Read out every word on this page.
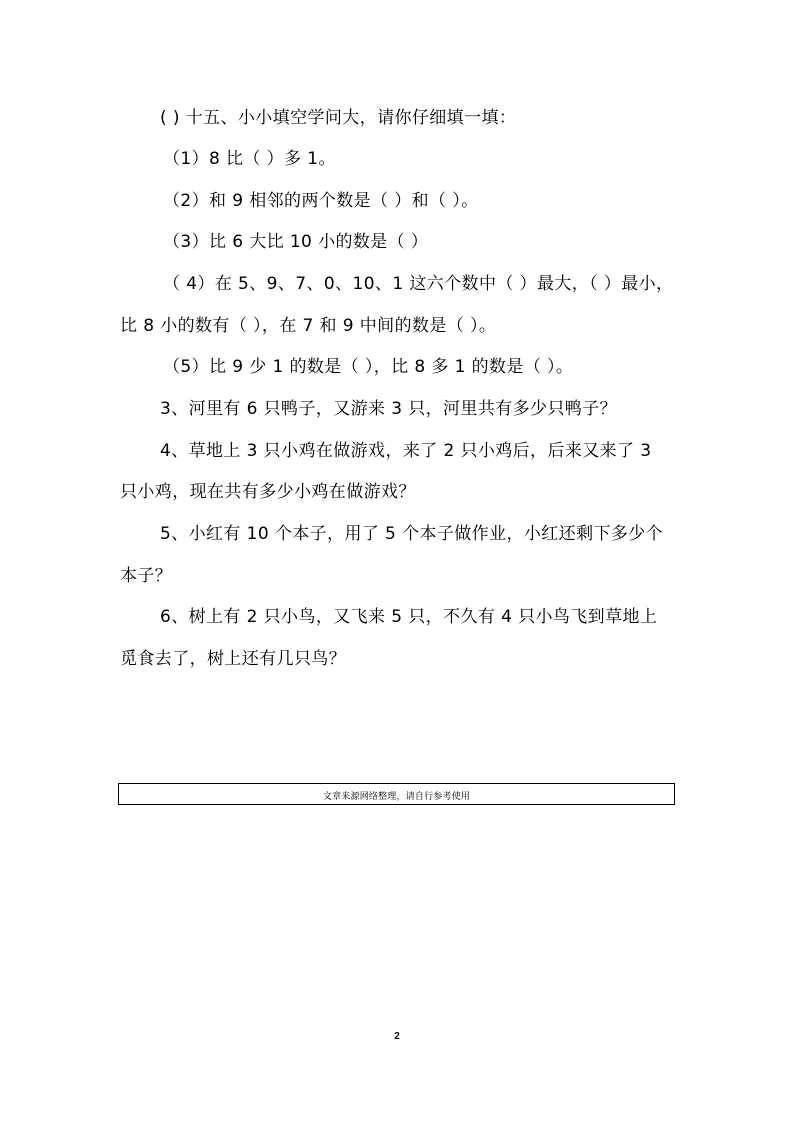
( ) 十五、小小填空学问大，请你仔细填一填：
（1）8 比（ ）多 1。
（2）和 9 相邻的两个数是（ ）和（ ）。
（3）比 6 大比 10 小的数是（ ）
（ 4）在 5、9、7、0、10、1 这六个数中（ ）最大，（ ）最小，
比 8 小的数有（ ），在 7 和 9 中间的数是（ ）。
（5）比 9 少 1 的数是（ ），比 8 多 1 的数是（ ）。
3、河里有 6 只鸭子，又游来 3 只，河里共有多少只鸭子？
4、草地上 3 只小鸡在做游戏，来了 2 只小鸡后，后来又来了 3
只小鸡，现在共有多少小鸡在做游戏？
5、小红有 10 个本子，用了 5 个本子做作业，小红还剩下多少个
本子？
6、树上有 2 只小鸟，又飞来 5 只，不久有 4 只小鸟飞到草地上
觅食去了，树上还有几只鸟？
文章来源网络整理，请自行参考使用
2
